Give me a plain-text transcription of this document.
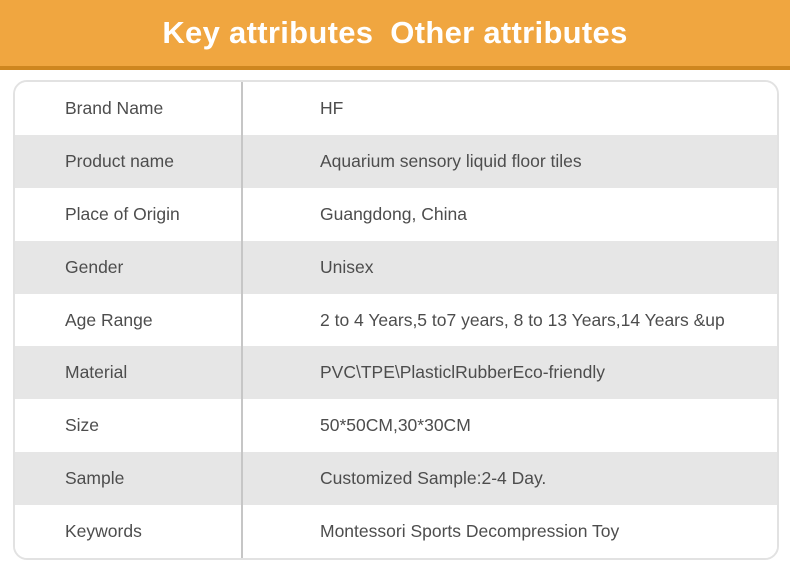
Key attributes Other attributes
Brand Name	HF
Product name	Aquarium sensory liquid floor tiles
Place of Origin	Guangdong, China
Gender	Unisex
Age Range	2 to 4 Years,5 to7 years, 8 to 13 Years,14 Years &up
Material	PVC\TPE\PlasticlRubberEco-friendly
Size	50*50CM,30*30CM
Sample	Customized Sample:2-4 Day.
Keywords	Montessori Sports Decompression Toy
